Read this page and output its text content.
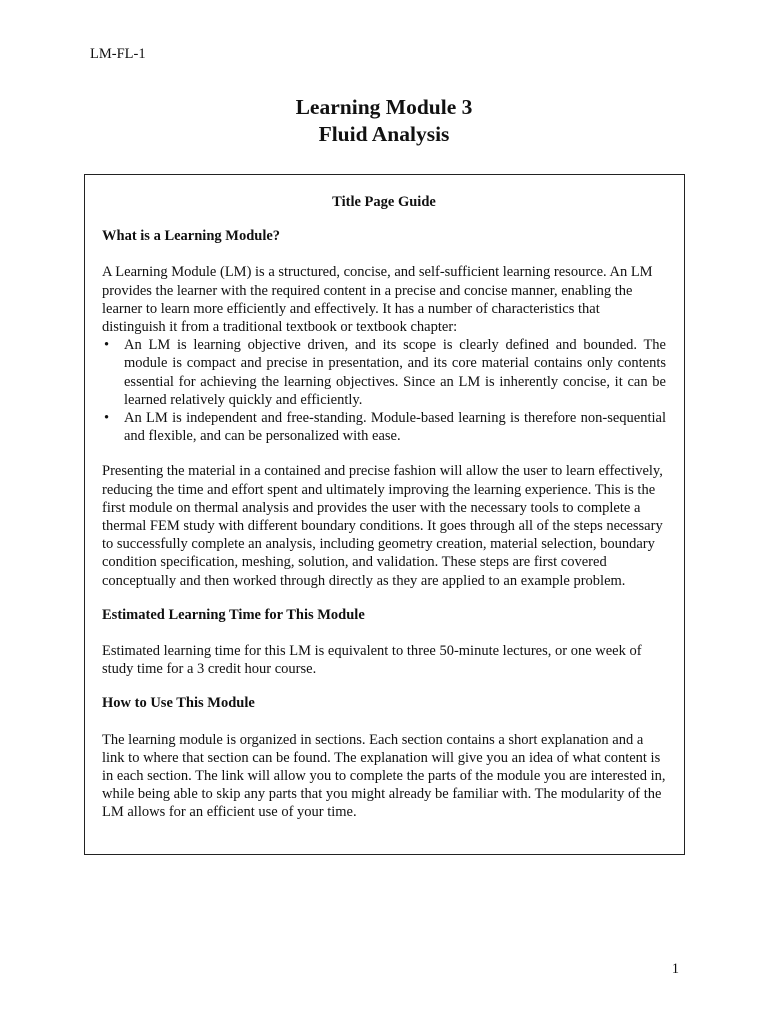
LM-FL-1
Learning Module 3
Fluid Analysis
Title Page Guide
What is a Learning Module?
A Learning Module (LM) is a structured, concise, and self-sufficient learning resource. An LM provides the learner with the required content in a precise and concise manner, enabling the learner to learn more efficiently and effectively. It has a number of characteristics that distinguish it from a traditional textbook or textbook chapter:
• An LM is learning objective driven, and its scope is clearly defined and bounded. The module is compact and precise in presentation, and its core material contains only contents essential for achieving the learning objectives. Since an LM is inherently concise, it can be learned relatively quickly and efficiently.
• An LM is independent and free-standing. Module-based learning is therefore non-sequential and flexible, and can be personalized with ease.
Presenting the material in a contained and precise fashion will allow the user to learn effectively, reducing the time and effort spent and ultimately improving the learning experience. This is the first module on thermal analysis and provides the user with the necessary tools to complete a thermal FEM study with different boundary conditions. It goes through all of the steps necessary to successfully complete an analysis, including geometry creation, material selection, boundary condition specification, meshing, solution, and validation. These steps are first covered conceptually and then worked through directly as they are applied to an example problem.
Estimated Learning Time for This Module
Estimated learning time for this LM is equivalent to three 50-minute lectures, or one week of study time for a 3 credit hour course.
How to Use This Module
The learning module is organized in sections. Each section contains a short explanation and a link to where that section can be found. The explanation will give you an idea of what content is in each section. The link will allow you to complete the parts of the module you are interested in, while being able to skip any parts that you might already be familiar with. The modularity of the LM allows for an efficient use of your time.
1
